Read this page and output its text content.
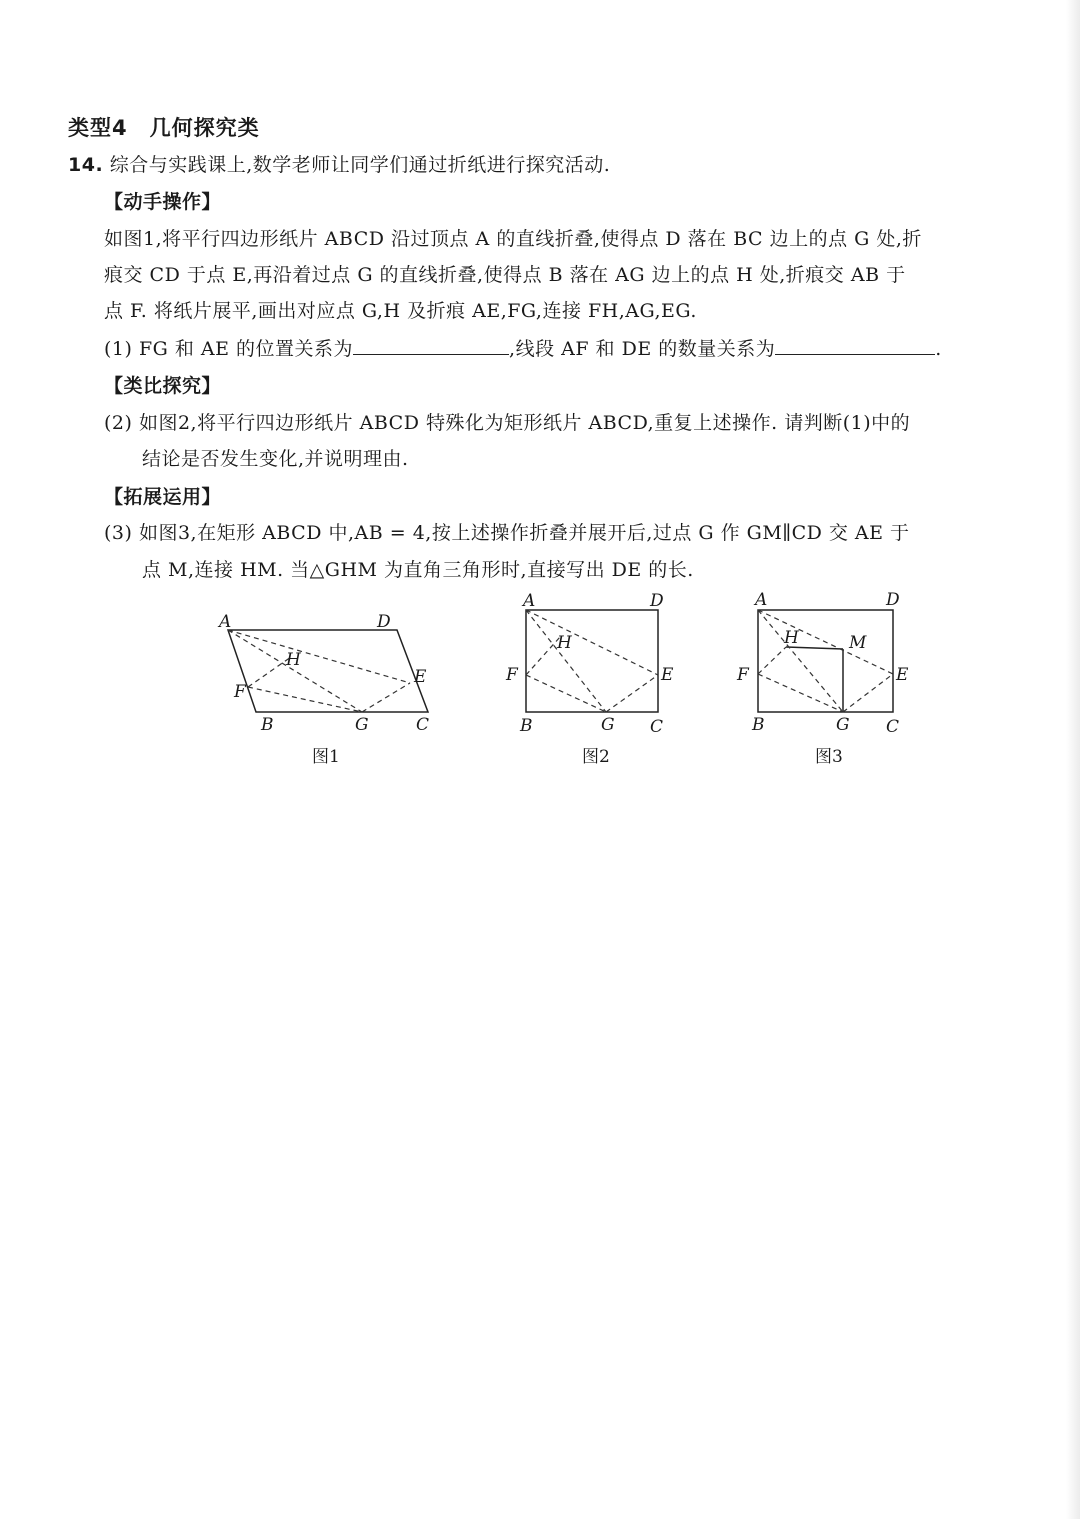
类型4　几何探究类
14. 综合与实践课上,数学老师让同学们通过折纸进行探究活动.
【动手操作】
如图1,将平行四边形纸片 ABCD 沿过顶点 A 的直线折叠,使得点 D 落在 BC 边上的点 G 处,折
痕交 CD 于点 E,再沿着过点 G 的直线折叠,使得点 B 落在 AG 边上的点 H 处,折痕交 AB 于
点 F. 将纸片展平,画出对应点 G,H 及折痕 AE,FG,连接 FH,AG,EG.
(1) FG 和 AE 的位置关系为	,线段 AF 和 DE 的数量关系为	.
【类比探究】
(2) 如图2,将平行四边形纸片 ABCD 特殊化为矩形纸片 ABCD,重复上述操作. 请判断(1)中的
结论是否发生变化,并说明理由.
【拓展运用】
(3) 如图3,在矩形 ABCD 中,AB = 4,按上述操作折叠并展开后,过点 G 作 GM∥CD 交 AE 于
点 M,连接 HM. 当△GHM 为直角三角形时,直接写出 DE 的长.
A	D
E
H
F
B	G	C
图1
A	D
H
F	E
B	G C
图2
A	D
H	M
F	E
B	G C
图3
